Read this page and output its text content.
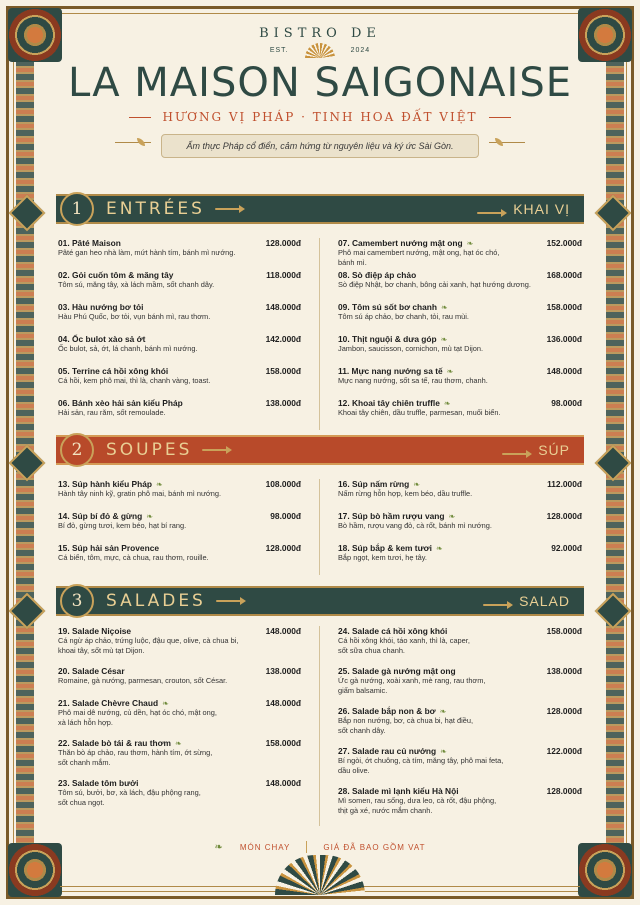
BISTRO DE
EST.	2024
LA MAISON SAIGONAISE
HƯƠNG VỊ PHÁP · TINH HOA ĐẤT VIỆT
Ẩm thực Pháp cổ điển, cảm hứng từ nguyên liệu và ký ức Sài Gòn.
1	ENTRÉES	KHAI VỊ
01. Pâté Maison	128.000đ
Pâté gan heo nhà làm, mứt hành tím, bánh mì nướng.
02. Gỏi cuốn tôm & măng tây	118.000đ
Tôm sú, măng tây, xà lách mầm, sốt chanh dây.
03. Hàu nướng bơ tỏi	148.000đ
Hàu Phú Quốc, bơ tỏi, vụn bánh mì, rau thơm.
04. Ốc bulot xào sả ớt	142.000đ
Ốc bulot, sả, ớt, lá chanh, bánh mì nướng.
05. Terrine cá hồi xông khói	158.000đ
Cá hồi, kem phô mai, thì là, chanh vàng, toast.
06. Bánh xèo hải sản kiểu Pháp	138.000đ
Hải sản, rau răm, sốt remoulade.
07. Camembert nướng mật ong ❧	152.000đ
Phô mai camembert nướng, mật ong, hạt óc chó,
bánh mì.
08. Sò điệp áp chảo	168.000đ
Sò điệp Nhật, bơ chanh, bông cải xanh, hạt hướng dương.
09. Tôm sú sốt bơ chanh ❧	158.000đ
Tôm sú áp chảo, bơ chanh, tỏi, rau mùi.
10. Thịt nguội & dưa góp ❧	136.000đ
Jambon, saucisson, cornichon, mù tạt Dijon.
11. Mực nang nướng sa tế ❧	148.000đ
Mực nang nướng, sốt sa tế, rau thơm, chanh.
12. Khoai tây chiên truffle ❧	98.000đ
Khoai tây chiên, dầu truffle, parmesan, muối biển.
2	SOUPES	SÚP
13. Súp hành kiểu Pháp ❧	108.000đ
Hành tây ninh kỹ, gratin phô mai, bánh mì nướng.
14. Súp bí đỏ & gừng ❧	98.000đ
Bí đỏ, gừng tươi, kem béo, hạt bí rang.
15. Súp hải sản Provence	128.000đ
Cá biển, tôm, mực, cà chua, rau thơm, rouille.
16. Súp nấm rừng ❧	112.000đ
Nấm rừng hỗn hợp, kem béo, dầu truffle.
17. Súp bò hầm rượu vang ❧	128.000đ
Bò hầm, rượu vang đỏ, cà rốt, bánh mì nướng.
18. Súp bắp & kem tươi ❧	92.000đ
Bắp ngọt, kem tươi, hẹ tây.
3	SALADES	SALAD
19. Salade Niçoise	148.000đ
Cá ngừ áp chảo, trứng luộc, đậu que, olive, cà chua bi,
khoai tây, sốt mù tạt Dijon.
20. Salade César	138.000đ
Romaine, gà nướng, parmesan, crouton, sốt César.
21. Salade Chèvre Chaud ❧	148.000đ
Phô mai dê nướng, củ dền, hạt óc chó, mật ong,
xà lách hỗn hợp.
22. Salade bò tái & rau thơm ❧	158.000đ
Thăn bò áp chảo, rau thơm, hành tím, ớt sừng,
sốt chanh mắm.
23. Salade tôm bưởi	148.000đ
Tôm sú, bưởi, bơ, xà lách, đậu phộng rang,
sốt chua ngọt.
24. Salade cá hồi xông khói	158.000đ
Cá hồi xông khói, táo xanh, thì là, caper,
sốt sữa chua chanh.
25. Salade gà nướng mật ong	138.000đ
Ức gà nướng, xoài xanh, mè rang, rau thơm,
giấm balsamic.
26. Salade bắp non & bơ ❧	128.000đ
Bắp non nướng, bơ, cà chua bi, hạt điều,
sốt chanh dây.
27. Salade rau củ nướng ❧	122.000đ
Bí ngòi, ớt chuông, cà tím, măng tây, phô mai feta,
dầu olive.
28. Salade mì lạnh kiểu Hà Nội	128.000đ
Mì somen, rau sống, dưa leo, cà rốt, đậu phộng,
thịt gà xé, nước mắm chanh.
❧ MÓN CHAY	GIÁ ĐÃ BAO GỒM VAT
